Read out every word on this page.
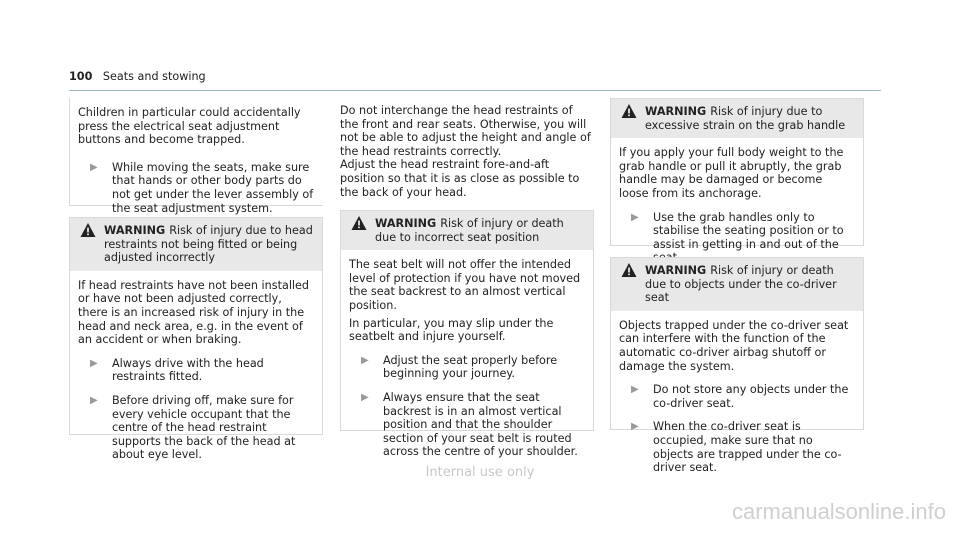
100 Seats and stowing

Children in particular could accidentally press the electrical seat adjustment buttons and become trapped.

▶ While moving the seats, make sure that hands or other body parts do not get under the lever assembly of the seat adjustment system.
WARNING Risk of injury due to head restraints not being fitted or being adjusted incorrectly

If head restraints have not been installed or have not been adjusted correctly, there is an increased risk of injury in the head and neck area, e.g. in the event of an accident or when braking.

▶ Always drive with the head restraints fitted.
▶ Before driving off, make sure for every vehicle occupant that the centre of the head restraint supports the back of the head at about eye level.

Do not interchange the head restraints of the front and rear seats. Otherwise, you will not be able to adjust the height and angle of the head restraints correctly.

Adjust the head restraint fore-and-aft position so that it is as close as possible to the back of your head.

WARNING Risk of injury or death due to incorrect seat position

The seat belt will not offer the intended level of protection if you have not moved the seat backrest to an almost vertical position.

In particular, you may slip under the seatbelt and injure yourself.

▶ Adjust the seat properly before beginning your journey.
▶ Always ensure that the seat backrest is in an almost vertical position and that the shoulder section of your seat belt is routed across the centre of your shoulder.
WARNING Risk of injury due to excessive strain on the grab handle

If you apply your full body weight to the grab handle or pull it abruptly, the grab handle may be damaged or become loose from its anchorage.

▶ Use the grab handles only to stabilise the seating position or to assist in getting in and out of the
WARNING Risk of injury or death due to objects under the co-driver seat

Objects trapped under the co-driver seat can interfere with the function of the automatic co-driver airbag shutoff or damage the system.

▶ Do not store any objects under the co-driver seat.
▶ When the co-driver seat is occupied, make sure that no objects are trapped under the co-driver seat.
Internal use only
carmanualsonline.info
